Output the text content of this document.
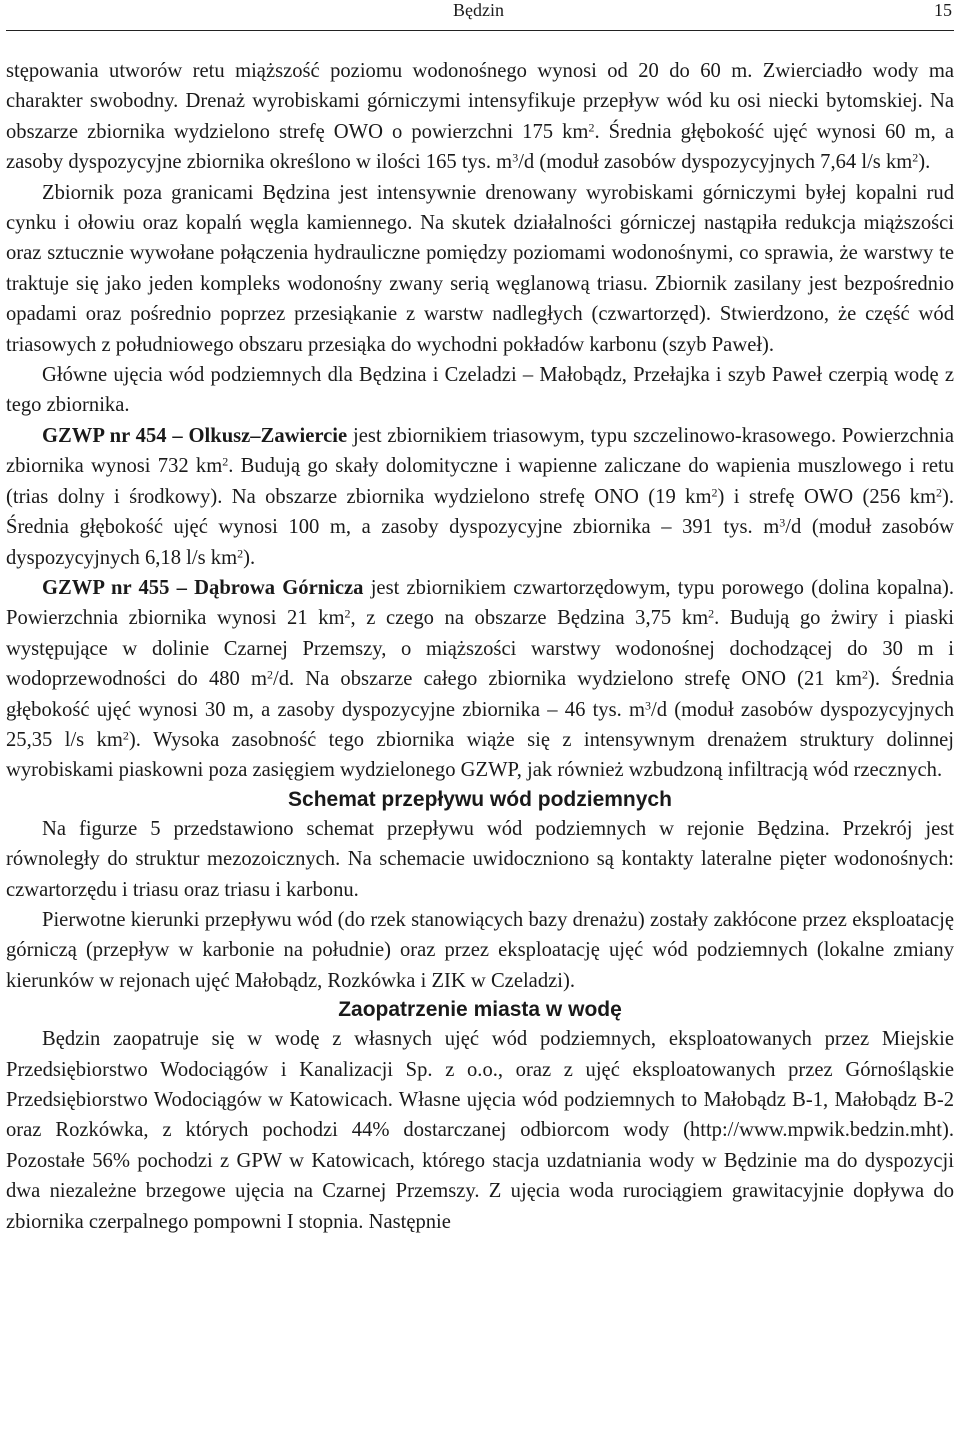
Będzin	15

stępowania utworów retu miąższość poziomu wodonośnego wynosi od 20 do 60 m. Zwierciadło wody ma charakter swobodny. Drenaż wyrobiskami górniczymi intensyfikuje przepływ wód ku osi niecki bytomskiej. Na obszarze zbiornika wydzielono strefę OWO o powierzchni 175 $km^2$. Średnia głębokość ujęć wynosi 60 m, a zasoby dyspozycyjne zbiornika określono w ilości 165 tys. $m^3/d$ (moduł zasobów dyspozycyjnych 7,64 l/s $km^2$).

Zbiornik poza granicami Będzina jest intensywnie drenowany wyrobiskami górniczymi byłej kopalni rud cynku i ołowiu oraz kopalń węgla kamiennego. Na skutek działalności górniczej nastąpiła redukcja miąższości oraz sztucznie wywołane połączenia hydrauliczne pomiędzy poziomami wodonośnymi, co sprawia, że warstwy te traktuje się jako jeden kompleks wodonośny zwany serią węglanową triasu. Zbiornik zasilany jest bezpośrednio opadami oraz pośrednio poprzez przesiąkanie z warstw nadległych (czwartorzęd). Stwierdzono, że część wód triasowych z południowego obszaru przesiąka do wychodni pokładów karbonu (szyb Paweł).

Główne ujęcia wód podziemnych dla Będzina i Czeladzi – Małobądz, Przełajka i szyb Paweł czerpią wodę z tego zbiornika.

GZWP nr 454 – Olkusz–Zawiercie jest zbiornikiem triasowym, typu szczelinowo-krasowego. Powierzchnia zbiornika wynosi 732 $km^2$. Budują go skały dolomityczne i wapienne zaliczane do wapienia muszlowego i retu (trias dolny i środkowy). Na obszarze zbiornika wydzielono strefę ONO (19 $km^2$) i strefę OWO (256 $km^2$). Średnia głębokość ujęć wynosi 100 m, a zasoby dyspozycyjne zbiornika – 391 tys. $m^3/d$ (moduł zasobów dyspozycyjnych 6,18 l/s $km^2$).

GZWP nr 455 – Dąbrowa Górnicza jest zbiornikiem czwartorzędowym, typu porowego (dolina kopalna). Powierzchnia zbiornika wynosi 21 $km^2$, z czego na obszarze Będzina 3,75 $km^2$. Budują go żwiry i piaski występujące w dolinie Czarnej Przemszy, o miąższości warstwy wodonośnej dochodzącej do 30 m i wodoprzewodności do 480 $m^2/d$. Na obszarze całego zbiornika wydzielono strefę ONO (21 $km^2$). Średnia głębokość ujęć wynosi 30 m, a zasoby dyspozycyjne zbiornika – 46 tys. $m^3/d$ (moduł zasobów dyspozycyjnych 25,35 l/s $km^2$). Wysoka zasobność tego zbiornika wiąże się z intensywnym drenażem struktury dolinnej wyrobiskami piaskowni poza zasięgiem wydzielonego GZWP, jak również wzbudzoną infiltracją wód rzecznych.

Schemat przepływu wód podziemnych

Na figurze 5 przedstawiono schemat przepływu wód podziemnych w rejonie Będzina. Przekrój jest równoległy do struktur mezozoicznych. Na schemacie uwidoczniono są kontakty lateralne pięter wodonośnych: czwartorzędu i triasu oraz triasu i karbonu.

Pierwotne kierunki przepływu wód (do rzek stanowiących bazy drenażu) zostały zakłócone przez eksploatację górniczą (przepływ w karbonie na południe) oraz przez eksploatację ujęć wód podziemnych (lokalne zmiany kierunków w rejonach ujęć Małobądz, Rozkówka i ZIK w Czeladzi).

Zaopatrzenie miasta w wodę

Będzin zaopatruje się w wodę z własnych ujęć wód podziemnych, eksploatowanych przez Miejskie Przedsiębiorstwo Wodociągów i Kanalizacji Sp. z o.o., oraz z ujęć eksploatowanych przez Górnośląskie Przedsiębiorstwo Wodociągów w Katowicach. Własne ujęcia wód podziemnych to Małobądz B-1, Małobądz B-2 oraz Rozkówka, z których pochodzi 44% dostarczanej odbiorcom wody (http://www.mpwik.bedzin.mht). Pozostałe 56% pochodzi z GPW w Katowicach, którego stacja uzdatniania wody w Będzinie ma do dyspozycji dwa niezależne brzegowe ujęcia na Czarnej Przemszy. Z ujęcia woda rurociągiem grawitacyjnie dopływa do zbiornika czerpalnego pompowni I stopnia. Następnie
